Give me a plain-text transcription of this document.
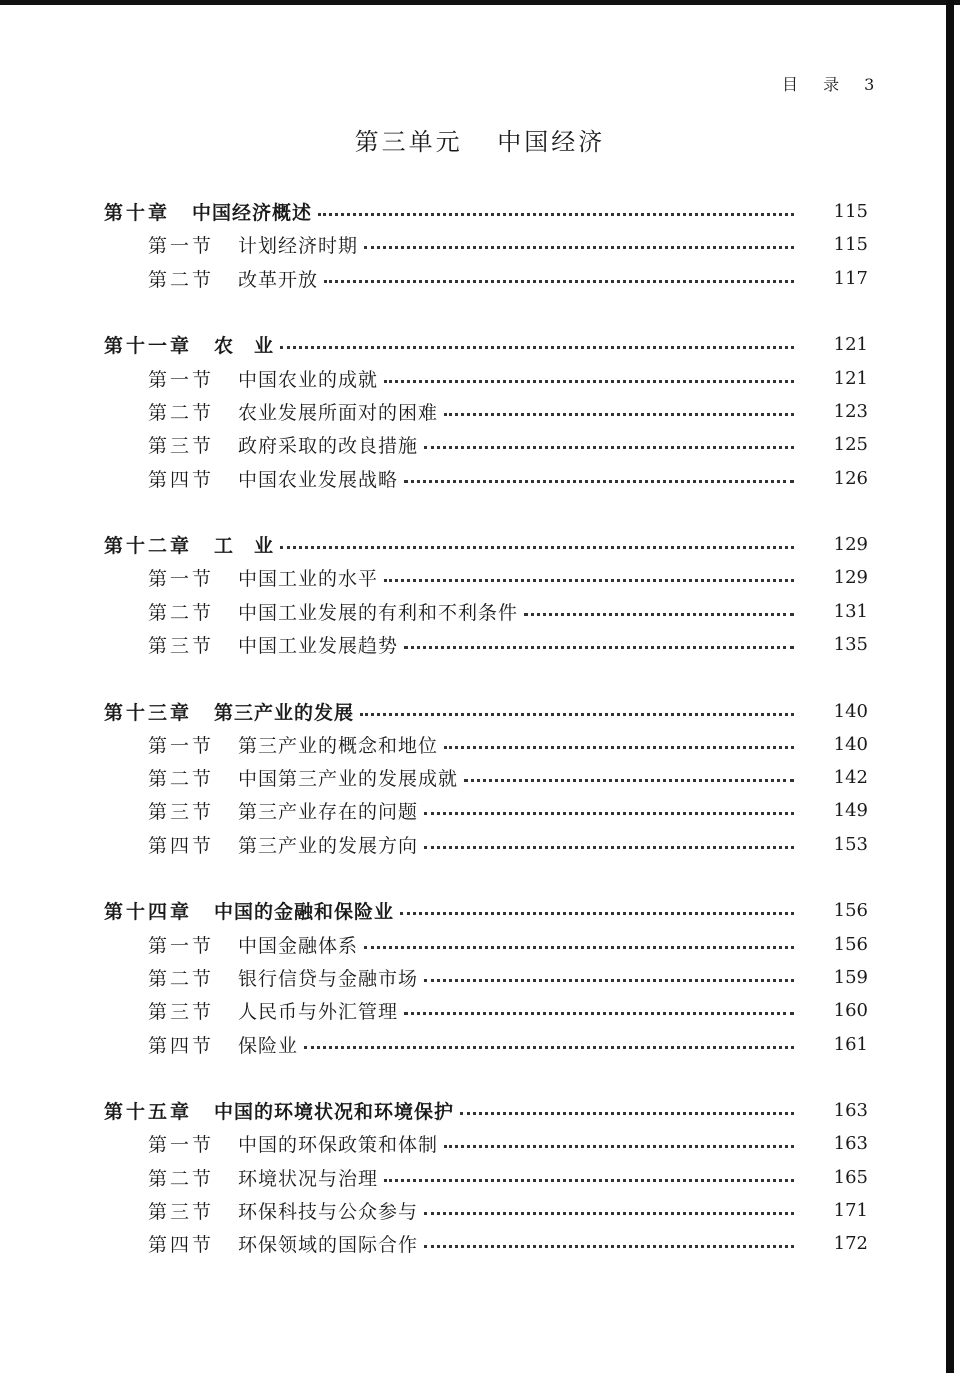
目 录 3
第三单元 中国经济
第十章 中国经济概述	115
第一节	计划经济时期	115
第二节	改革开放	117
第十一章 农　业	121
第一节	中国农业的成就	121
第二节	农业发展所面对的困难	123
第三节	政府采取的改良措施	125
第四节	中国农业发展战略	126
第十二章 工　业	129
第一节	中国工业的水平	129
第二节	中国工业发展的有利和不利条件	131
第三节	中国工业发展趋势	135
第十三章 第三产业的发展	140
第一节	第三产业的概念和地位	140
第二节	中国第三产业的发展成就	142
第三节	第三产业存在的问题	149
第四节	第三产业的发展方向	153
第十四章 中国的金融和保险业	156
第一节	中国金融体系	156
第二节	银行信贷与金融市场	159
第三节	人民币与外汇管理	160
第四节	保险业	161
第十五章 中国的环境状况和环境保护	163
第一节	中国的环保政策和体制	163
第二节	环境状况与治理	165
第三节	环保科技与公众参与	171
第四节	环保领域的国际合作	172
